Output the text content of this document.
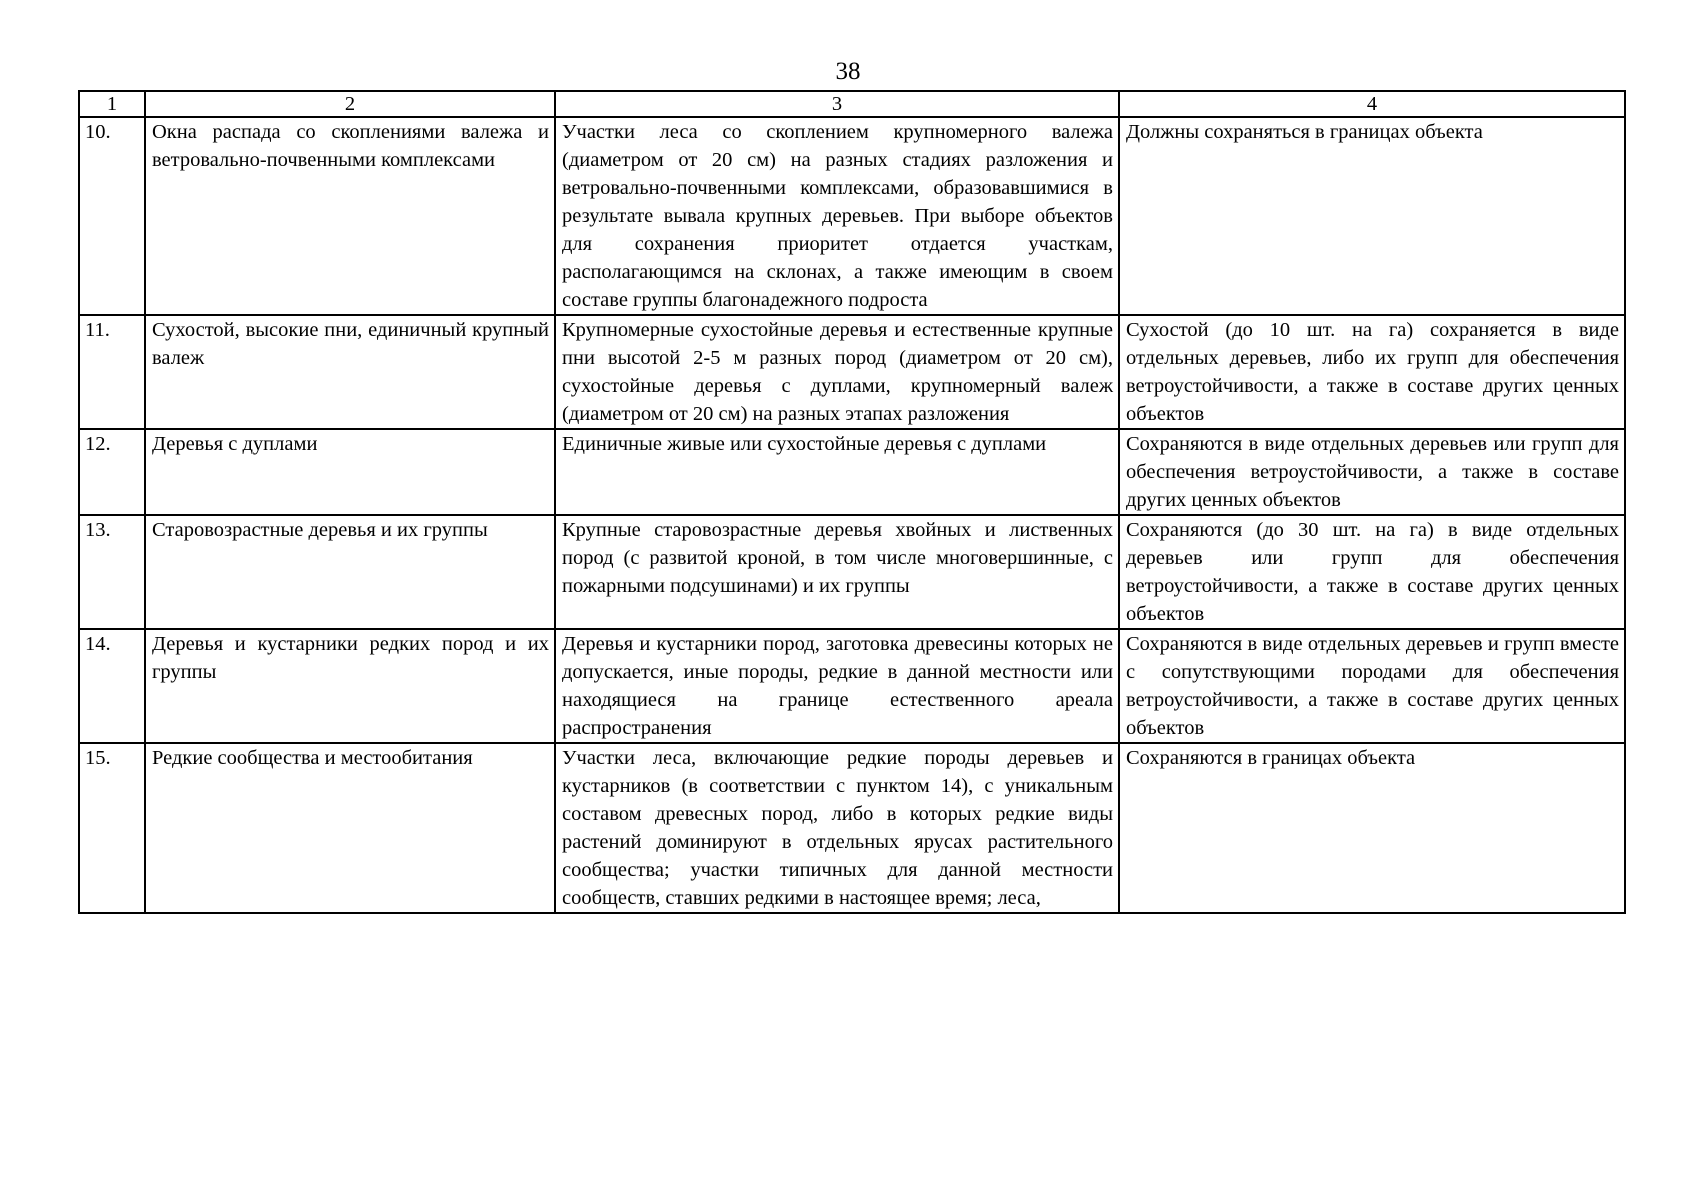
38
1	2	3	4
10.	Окна распада со скоплениями валежа и ветровально-почвенными комплексами	Участки леса со скоплением крупномерного валежа (диаметром от 20 см) на разных стадиях разложения и ветровально-почвенными комплексами, образовавшимися в результате вывала крупных деревьев. При выборе объектов для сохранения приоритет отдается участкам, располагающимся на склонах, а также имеющим в своем составе группы благонадежного подроста	Должны сохраняться в границах объекта
11.	Сухостой, высокие пни, единичный крупный валеж	Крупномерные сухостойные деревья и естественные крупные пни высотой 2-5 м разных пород (диаметром от 20 см), сухостойные деревья с дуплами, крупномерный валеж (диаметром от 20 см) на разных этапах разложения	Сухостой (до 10 шт. на га) сохраняется в виде отдельных деревьев, либо их групп для обеспечения ветроустойчивости, а также в составе других ценных объектов
12.	Деревья с дуплами	Единичные живые или сухостойные деревья с дуплами	Сохраняются в виде отдельных деревьев или групп для обеспечения ветроустойчивости, а также в составе других ценных объектов
13.	Старовозрастные деревья и их группы	Крупные старовозрастные деревья хвойных и лиственных пород (с развитой кроной, в том числе многовершинные, с пожарными подсушинами) и их группы	Сохраняются (до 30 шт. на га) в виде отдельных деревьев или групп для обеспечения ветроустойчивости, а также в составе других ценных объектов
14.	Деревья и кустарники редких пород и их группы	Деревья и кустарники пород, заготовка древесины которых не допускается, иные породы, редкие в данной местности или находящиеся на границе естественного ареала распространения	Сохраняются в виде отдельных деревьев и групп вместе с сопутствующими породами для обеспечения ветроустойчивости, а также в составе других ценных объектов
15.	Редкие сообщества и местообитания	Участки леса, включающие редкие породы деревьев и кустарников (в соответствии с пунктом 14), с уникальным составом древесных пород, либо в которых редкие виды растений доминируют в отдельных ярусах растительного сообщества; участки типичных для данной местности сообществ, ставших редкими в настоящее время; леса,	Сохраняются в границах объекта
